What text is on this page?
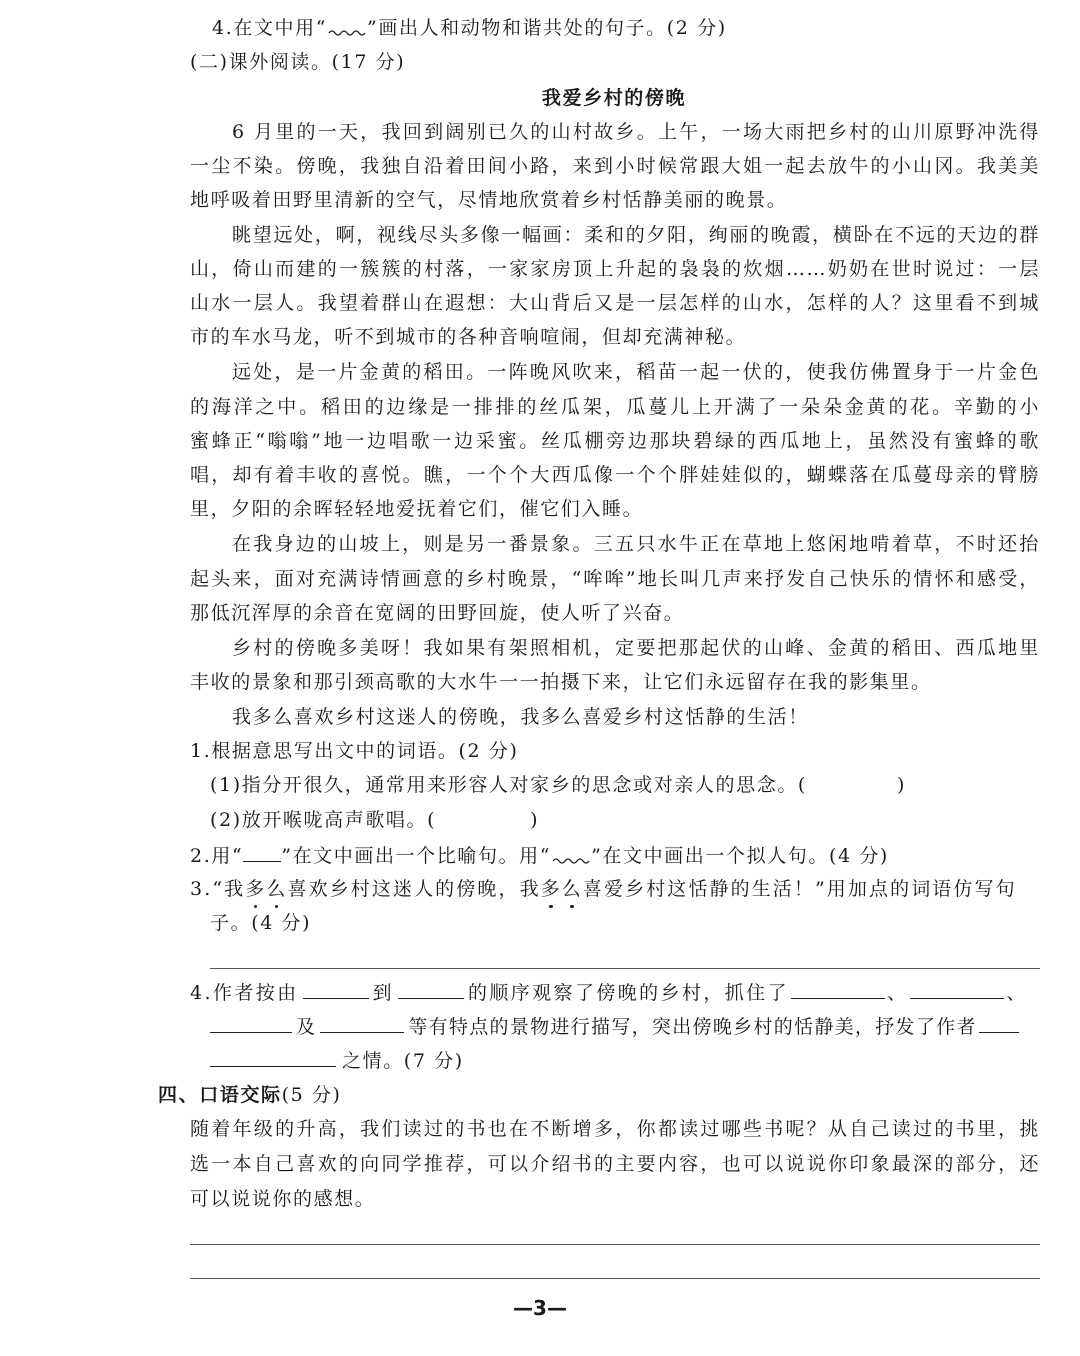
4.在文中用“ ”画出人和动物和谐共处的句子。(2 分)
(二)课外阅读。(17 分)
我爱乡村的傍晚
6 月里的一天，我回到阔别已久的山村故乡。上午，一场大雨把乡村的山川原野冲洗得
一尘不染。傍晚，我独自沿着田间小路，来到小时候常跟大姐一起去放牛的小山冈。我美美
地呼吸着田野里清新的空气，尽情地欣赏着乡村恬静美丽的晚景。
眺望远处，啊，视线尽头多像一幅画：柔和的夕阳，绚丽的晚霞，横卧在不远的天边的群
山，倚山而建的一簇簇的村落，一家家房顶上升起的袅袅的炊烟……奶奶在世时说过：一层
山水一层人。我望着群山在遐想：大山背后又是一层怎样的山水，怎样的人？这里看不到城
市的车水马龙，听不到城市的各种音响喧闹，但却充满神秘。
远处，是一片金黄的稻田。一阵晚风吹来，稻苗一起一伏的，使我仿佛置身于一片金色
的海洋之中。稻田的边缘是一排排的丝瓜架，瓜蔓儿上开满了一朵朵金黄的花。辛勤的小
蜜蜂正“嗡嗡”地一边唱歌一边采蜜。丝瓜棚旁边那块碧绿的西瓜地上，虽然没有蜜蜂的歌
唱，却有着丰收的喜悦。瞧，一个个大西瓜像一个个胖娃娃似的，蝴蝶落在瓜蔓母亲的臂膀
里，夕阳的余晖轻轻地爱抚着它们，催它们入睡。
在我身边的山坡上，则是另一番景象。三五只水牛正在草地上悠闲地啃着草，不时还抬
起头来，面对充满诗情画意的乡村晚景，“哞哞”地长叫几声来抒发自己快乐的情怀和感受，
那低沉浑厚的余音在宽阔的田野回旋，使人听了兴奋。
乡村的傍晚多美呀！我如果有架照相机，定要把那起伏的山峰、金黄的稻田、西瓜地里
丰收的景象和那引颈高歌的大水牛一一拍摄下来，让它们永远留存在我的影集里。
我多么喜欢乡村这迷人的傍晚，我多么喜爱乡村这恬静的生活！
1.根据意思写出文中的词语。(2 分)
(1)指分开很久，通常用来形容人对家乡的思念或对亲人的思念。(	)
(2)放开喉咙高声歌唱。(	)
2.用“ ”在文中画出一个比喻句。用“ ”在文中画出一个拟人句。(4 分)
3.“我多么喜欢乡村这迷人的傍晚，我多么喜爱乡村这恬静的生活！”用加点的词语仿写句
子。(4 分)
4.作者按由	到	的顺序观察了傍晚的乡村，抓住了	、	、
及	等有特点的景物进行描写，突出傍晚乡村的恬静美，抒发了作者
之情。(7 分)
四、口语交际(5 分)
随着年级的升高，我们读过的书也在不断增多，你都读过哪些书呢？从自己读过的书里，挑
选一本自己喜欢的向同学推荐，可以介绍书的主要内容，也可以说说你印象最深的部分，还
可以说说你的感想。
—3—
